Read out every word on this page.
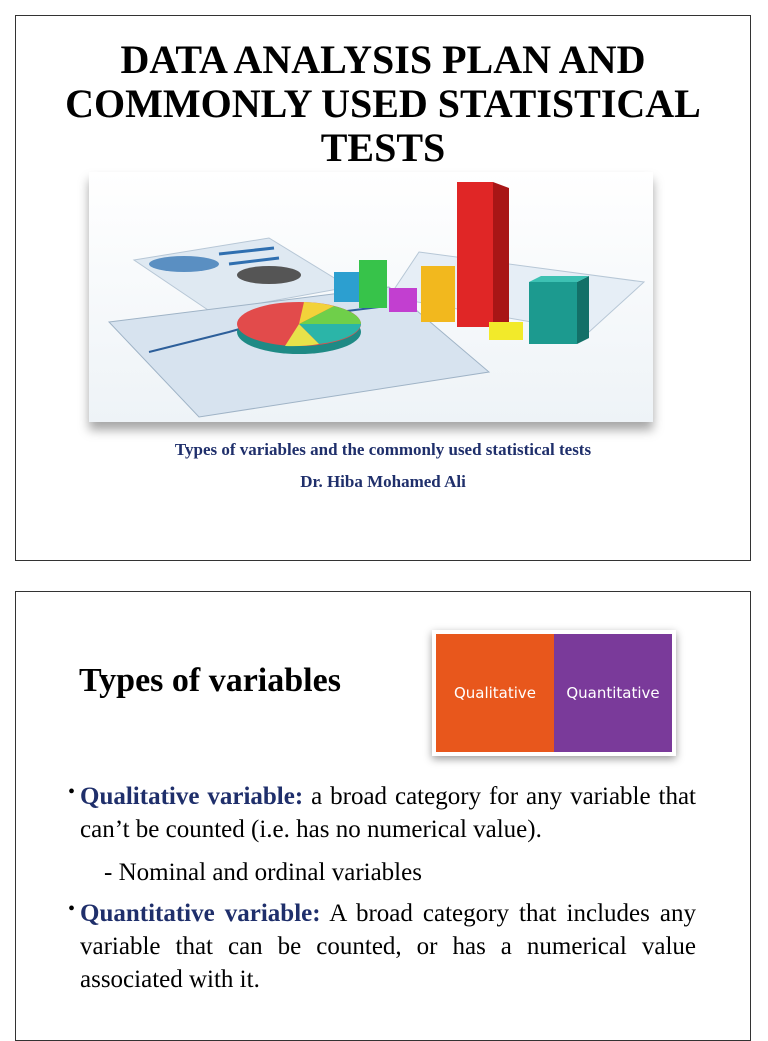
DATA ANALYSIS PLAN AND COMMONLY USED STATISTICAL TESTS
Types of variables and the commonly used statistical tests
Dr. Hiba Mohamed Ali
Types of variables	Qualitative Quantitative
• Qualitative variable: a broad category for any variable that can’t be counted (i.e. has no numerical value).
- Nominal and ordinal variables
• Quantitative variable: A broad category that includes any variable that can be counted, or has a numerical value associated with it.
